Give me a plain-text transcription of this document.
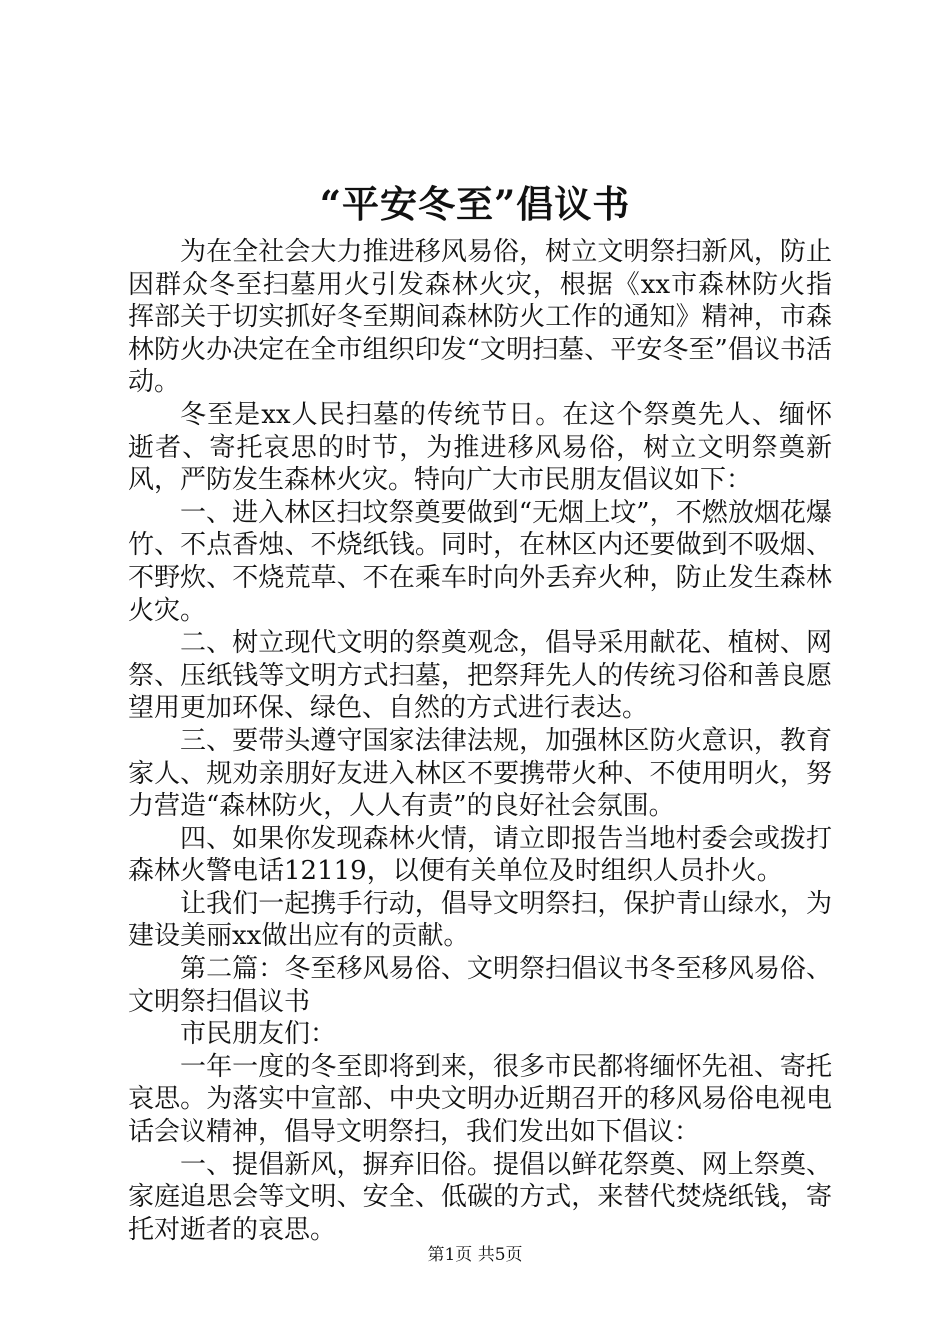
“平安冬至”倡议书

为在全社会大力推进移风易俗，树立文明祭扫新风，防止因群众冬至扫墓用火引发森林火灾，根据《xx市森林防火指挥部关于切实抓好冬至期间森林防火工作的通知》精神，市森林防火办决定在全市组织印发“文明扫墓、平安冬至”倡议书活动。

冬至是xx人民扫墓的传统节日。在这个祭奠先人、缅怀逝者、寄托哀思的时节，为推进移风易俗，树立文明祭奠新风，严防发生森林火灾。特向广大市民朋友倡议如下：

一、进入林区扫坟祭奠要做到“无烟上坟”，不燃放烟花爆竹、不点香烛、不烧纸钱。同时，在林区内还要做到不吸烟、不野炊、不烧荒草、不在乘车时向外丢弃火种，防止发生森林火灾。

二、树立现代文明的祭奠观念，倡导采用献花、植树、网祭、压纸钱等文明方式扫墓，把祭拜先人的传统习俗和善良愿望用更加环保、绿色、自然的方式进行表达。

三、要带头遵守国家法律法规，加强林区防火意识，教育家人、规劝亲朋好友进入林区不要携带火种、不使用明火，努力营造“森林防火，人人有责”的良好社会氛围。

四、如果你发现森林火情，请立即报告当地村委会或拨打森林火警电话12119，以便有关单位及时组织人员扑火。

让我们一起携手行动，倡导文明祭扫，保护青山绿水，为建设美丽xx做出应有的贡献。

第二篇：冬至移风易俗、文明祭扫倡议书冬至移风易俗、文明祭扫倡议书

市民朋友们：

一年一度的冬至即将到来，很多市民都将缅怀先祖、寄托哀思。为落实中宣部、中央文明办近期召开的移风易俗电视电话会议精神，倡导文明祭扫，我们发出如下倡议：

一、提倡新风，摒弃旧俗。提倡以鲜花祭奠、网上祭奠、家庭追思会等文明、安全、低碳的方式，来替代焚烧纸钱，寄托对逝者的哀思。

第1页 共5页
